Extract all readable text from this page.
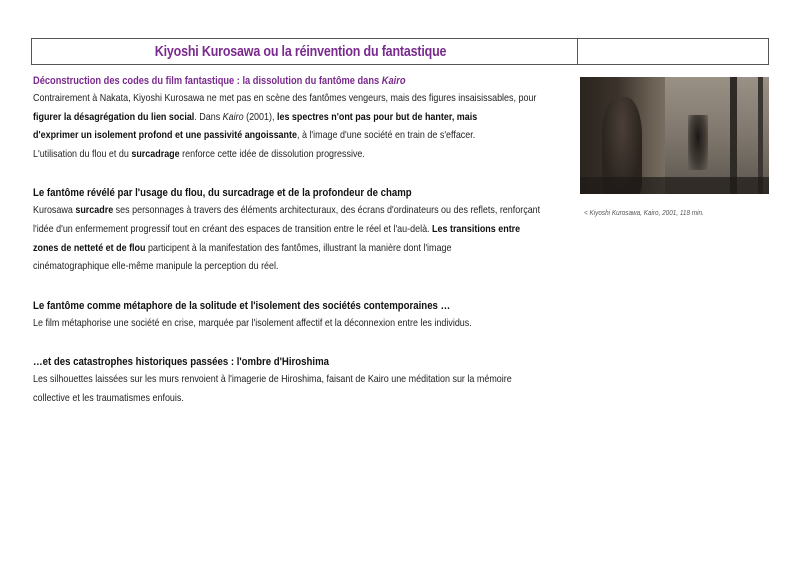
Kiyoshi Kurosawa ou la réinvention du fantastique

Déconstruction des codes du film fantastique : la dissolution du fantôme dans Kairo

Contrairement à Nakata, Kiyoshi Kurosawa ne met pas en scène des fantômes vengeurs, mais des figures insaisissables, pour
figurer la désagrégation du lien social. Dans Kairo (2001), les spectres n'ont pas pour but de hanter, mais
d'exprimer un isolement profond et une passivité angoissante, à l'image d'une société en train de s'effacer.
L'utilisation du flou et du surcadrage renforce cette idée de dissolution progressive.

Le fantôme révélé par l'usage du flou, du surcadrage et de la profondeur de champ

Kurosawa surcadre ses personnages à travers des éléments architecturaux, des écrans d'ordinateurs ou des reflets, renforçant
l'idée d'un enfermement progressif tout en créant des espaces de transition entre le réel et l'au-delà. Les transitions entre
zones de netteté et de flou participent à la manifestation des fantômes, illustrant la manière dont l'image
cinématographique elle-même manipule la perception du réel.

Le fantôme comme métaphore de la solitude et l'isolement des sociétés contemporaines …

Le film métaphorise une société en crise, marquée par l'isolement affectif et la déconnexion entre les individus.

…et des catastrophes historiques passées : l'ombre d'Hiroshima

Les silhouettes laissées sur les murs renvoient à l'imagerie de Hiroshima, faisant de Kairo une méditation sur la mémoire
collective et les traumatismes enfouis.

< Kiyoshi Kurosawa, Kairo, 2001, 118 min.
